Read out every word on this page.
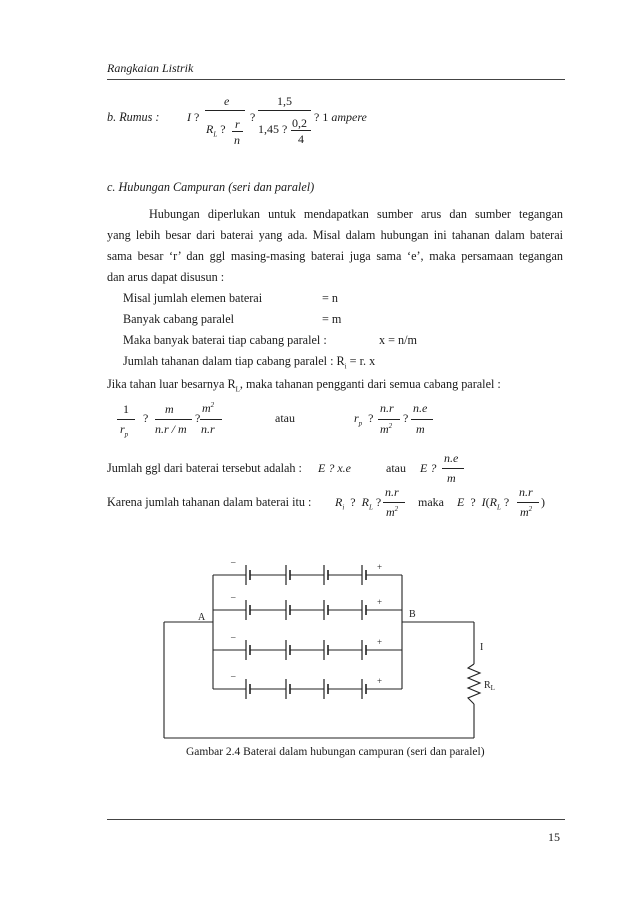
Rangkaian Listrik
b. Rumus : I ?
e
$R_L$ ? r
n
?
1,5
1,45 ? 0,2
4
? 1 ampere
c. Hubungan Campuran (seri dan paralel)
Hubungan diperlukan untuk mendapatkan sumber arus dan sumber tegangan
yang lebih besar dari baterai yang ada. Misal dalam hubungan ini tahanan dalam baterai
sama besar ‘r’ dan ggl masing-masing baterai juga sama ‘e’, maka persamaan tegangan
dan arus dapat disusun :
Misal jumlah elemen baterai	= n
Banyak cabang paralel	= m
Maka banyak baterai tiap cabang paralel :	x = n/m
Jumlah tahanan dalam tiap cabang paralel : $R_i = r$. x
Jika tahan luar besarnya $R_L$, maka tahanan pengganti dari semua cabang paralel :
1
$r_p$
?
m
n.r / m
?
$m^2$
n.r
atau	$r_p$ ?
n.r
$m^2$
?
n.e
m
Jumlah ggl dari baterai tersebut adalah : E ? x.e	atau E ?
n.e
m
Karena jumlah tahanan dalam baterai itu : $R_i$ ? $R_L$ ?
n.r
$m^2$ maka E  ?  $I(R_L$ ?
n.r
$m^2$ )
–	+
–	+
–	+
–	+
A	B
I
$R_L$
Gambar 2.4 Baterai dalam hubungan campuran (seri dan paralel)
15
